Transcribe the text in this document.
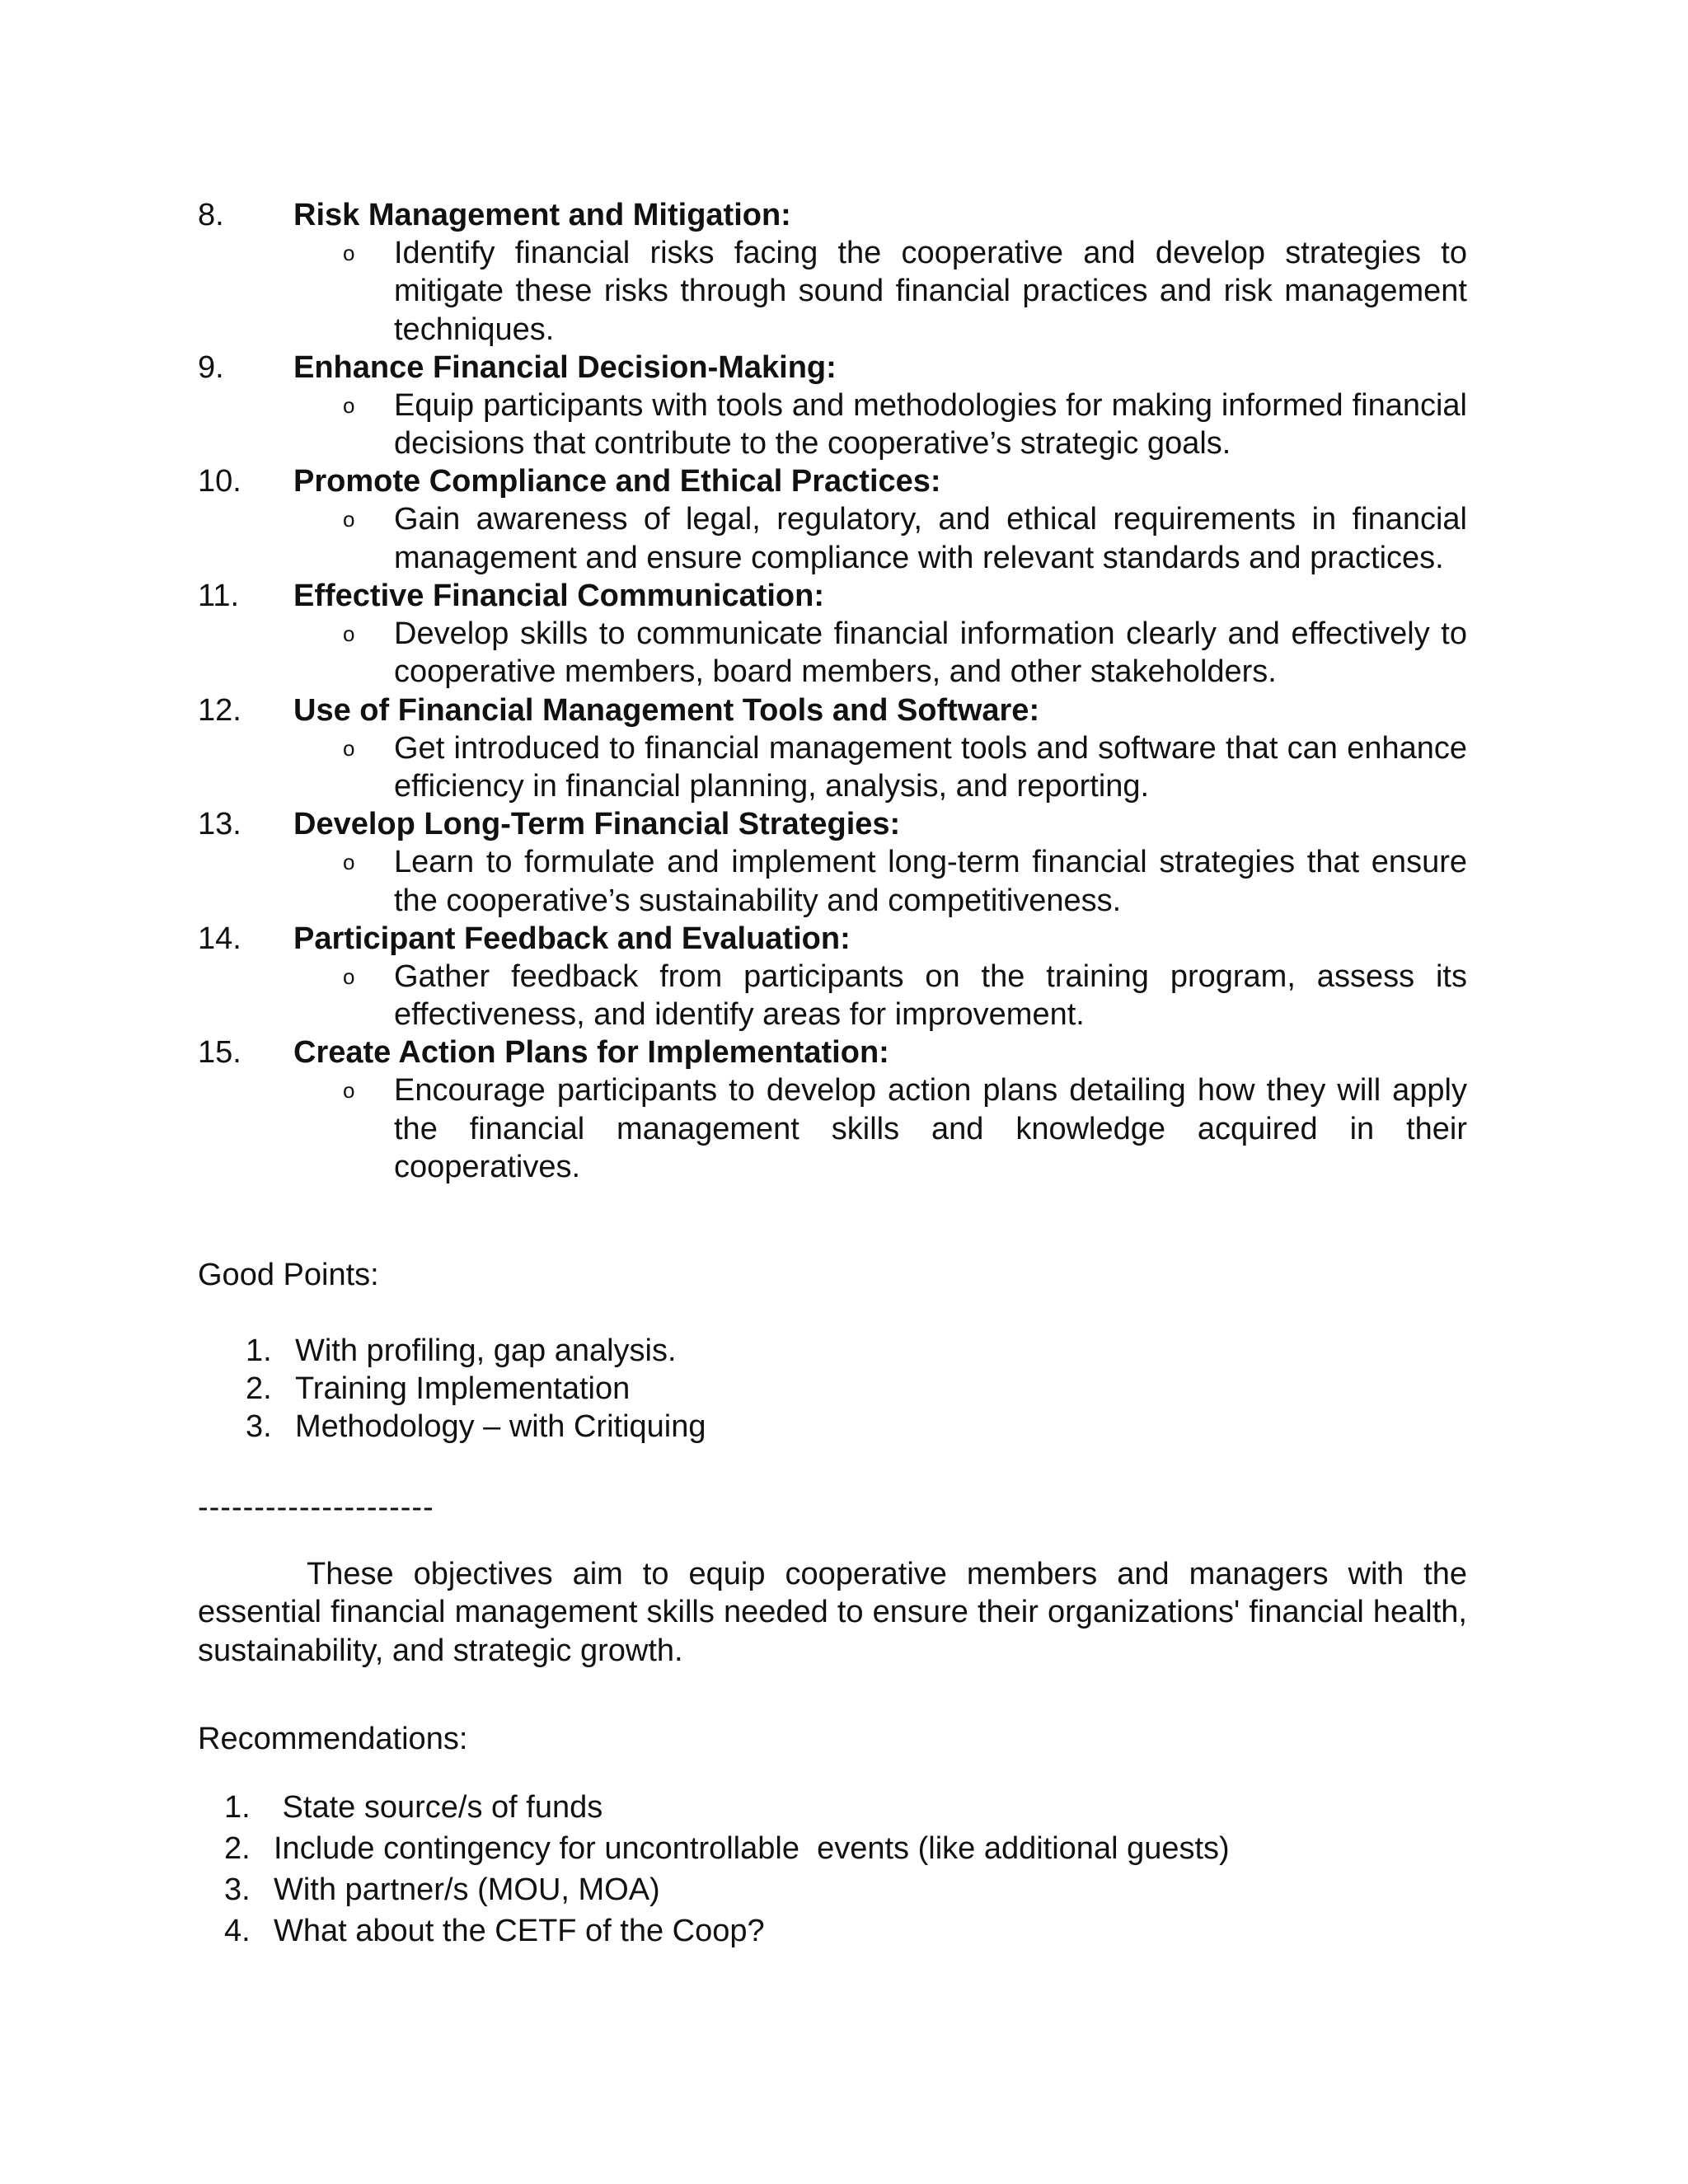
8.	Risk Management and Mitigation:
o Identify financial risks facing the cooperative and develop strategies to mitigate these risks through sound financial practices and risk management techniques.
9.	Enhance Financial Decision-Making:
o Equip participants with tools and methodologies for making informed financial decisions that contribute to the cooperative’s strategic goals.
10.	Promote Compliance and Ethical Practices:
o Gain awareness of legal, regulatory, and ethical requirements in financial management and ensure compliance with relevant standards and practices.
11.	Effective Financial Communication:
o Develop skills to communicate financial information clearly and effectively to cooperative members, board members, and other stakeholders.
12.	Use of Financial Management Tools and Software:
o Get introduced to financial management tools and software that can enhance efficiency in financial planning, analysis, and reporting.
13.	Develop Long-Term Financial Strategies:
o Learn to formulate and implement long-term financial strategies that ensure the cooperative’s sustainability and competitiveness.
14.	Participant Feedback and Evaluation:
o Gather feedback from participants on the training program, assess its effectiveness, and identify areas for improvement.
15.	Create Action Plans for Implementation:
o Encourage participants to develop action plans detailing how they will apply the financial management skills and knowledge acquired in their cooperatives.
Good Points:
1. With profiling, gap analysis.
2. Training Implementation
3. Methodology – with Critiquing
---------------------
These objectives aim to equip cooperative members and managers with the essential financial management skills needed to ensure their organizations' financial health, sustainability, and strategic growth.
Recommendations:
1. State source/s of funds
2. Include contingency for uncontrollable  events (like additional guests)
3. With partner/s (MOU, MOA)
4. What about the CETF of the Coop?
